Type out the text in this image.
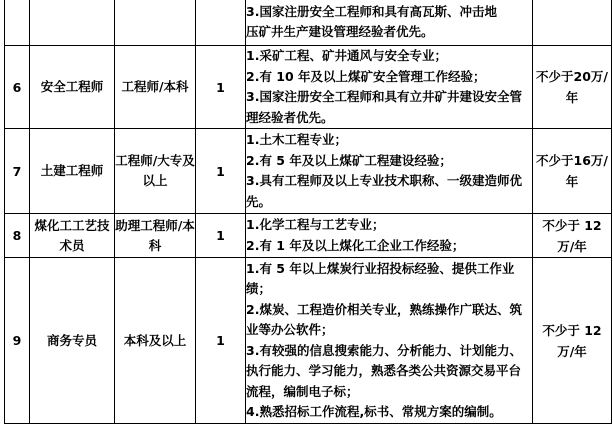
				3.国家注册安全工程师和具有高瓦斯、冲击地
压矿井生产建设管理经验者优先。	

6	安全工程师	工程师/本科	1	1.采矿工程、矿井通风与安全专业；
2.有 10 年及以上煤矿安全管理工作经验；
3.国家注册安全工程师和具有立井矿井建设安全管理经验者优先。	不少于20万/年
7	土建工程师	工程师/大专及以上	1	1.土木工程专业；
2.有 5 年及以上煤矿工程建设经验；
3.具有工程师及以上专业技术职称、一级建造师优先。	不少于16万/年
8	煤化工工艺技术员	助理工程师/本科	1	1.化学工程与工艺专业；
2.有 1 年及以上煤化工企业工作经验；	不少于 12 万/年
9	商务专员	本科及以上	1	1.有 5 年以上煤炭行业招投标经验、提供工作业绩；
2.煤炭、工程造价相关专业，熟练操作广联达、筑业等办公软件；
3.有较强的信息搜索能力、分析能力、计划能力、执行能力、学习能力，熟悉各类公共资源交易平台流程，编制电子标；
4.熟悉招标工作流程,标书、常规方案的编制。	不少于 12 万/年
